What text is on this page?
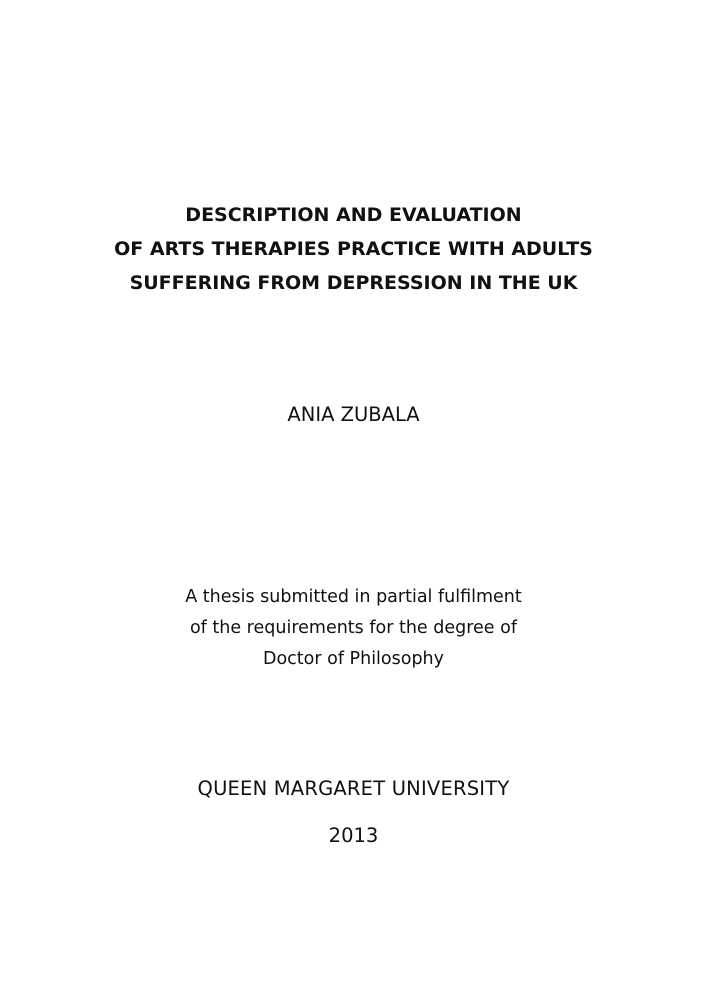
DESCRIPTION AND EVALUATION
OF ARTS THERAPIES PRACTICE WITH ADULTS
SUFFERING FROM DEPRESSION IN THE UK
ANIA ZUBALA
A thesis submitted in partial fulfilment
of the requirements for the degree of
Doctor of Philosophy
QUEEN MARGARET UNIVERSITY
2013
